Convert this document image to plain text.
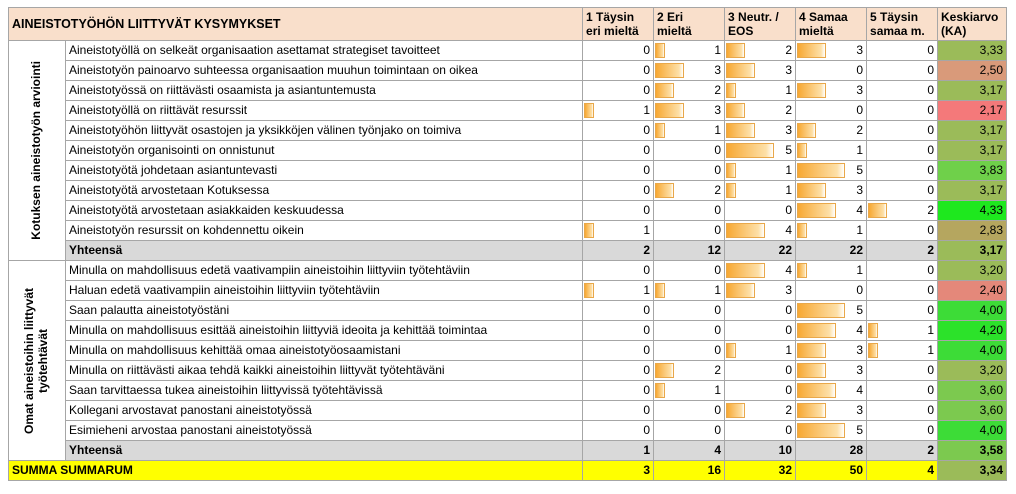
AINEISTOTYÖHÖN LIITTYVÄT KYSYMYKSET		1 Täysin eri mieltä	2 Eri mieltä	3 Neutr. / EOS	4 Samaa mieltä	5 Täysin samaa m.	Keskiarvo (KA)

Kotuksen aineistotyön arviointi	Aineistotyöllä on selkeät organisaation asettamat strategiset tavoitteet	0	1	2	3	0	3,33
	Aineistotyön painoarvo suhteessa organisaation muuhun toimintaan on oikea	0	3	3	0	0	2,50
	Aineistotyössä on riittävästi osaamista ja asiantuntemusta	0	2	1	3	0	3,17
	Aineistotyöllä on riittävät resurssit	1	3	2	0	0	2,17
	Aineistotyöhön liittyvät osastojen ja yksikköjen välinen työnjako on toimiva	0	1	3	2	0	3,17
	Aineistotyön organisointi on onnistunut	0	0	5	1	0	3,17
	Aineistotyötä johdetaan asiantuntevasti	0	0	1	5	0	3,83
	Aineistotyötä arvostetaan Kotuksessa	0	2	1	3	0	3,17
	Aineistotyötä arvostetaan asiakkaiden keskuudessa	0	0	0	4	2	4,33
	Aineistotyön resurssit on kohdennettu oikein	1	0	4	1	0	2,83
	Yhteensä	2	12	22	22	2	3,17

Omat aineistoihin liittyvät työtehtävät	Minulla on mahdollisuus edetä vaativampiin aineistoihin liittyviin työtehtäviin	0	0	4	1	0	3,20
	Haluan edetä vaativampiin aineistoihin liittyviin työtehtäviin	1	1	3	0	0	2,40
	Saan palautta aineistotyöstäni	0	0	0	5	0	4,00
	Minulla on mahdollisuus esittää aineistoihin liittyviä ideoita ja kehittää toimintaa	0	0	0	4	1	4,20
	Minulla on mahdollisuus kehittää omaa aineistotyöosaamistani	0	0	1	3	1	4,00
	Minulla on riittävästi aikaa tehdä kaikki aineistoihin liittyvät työtehtäväni	0	2	0	3	0	3,20
	Saan tarvittaessa tukea aineistoihin liittyvissä työtehtävissä	0	1	0	4	0	3,60
	Kollegani arvostavat panostani aineistotyössä	0	0	2	3	0	3,60
	Esimieheni arvostaa panostani aineistotyössä	0	0	0	5	0	4,00
	Yhteensä	1	4	10	28	2	3,58
SUMMA SUMMARUM		3	16	32	50	4	3,34
